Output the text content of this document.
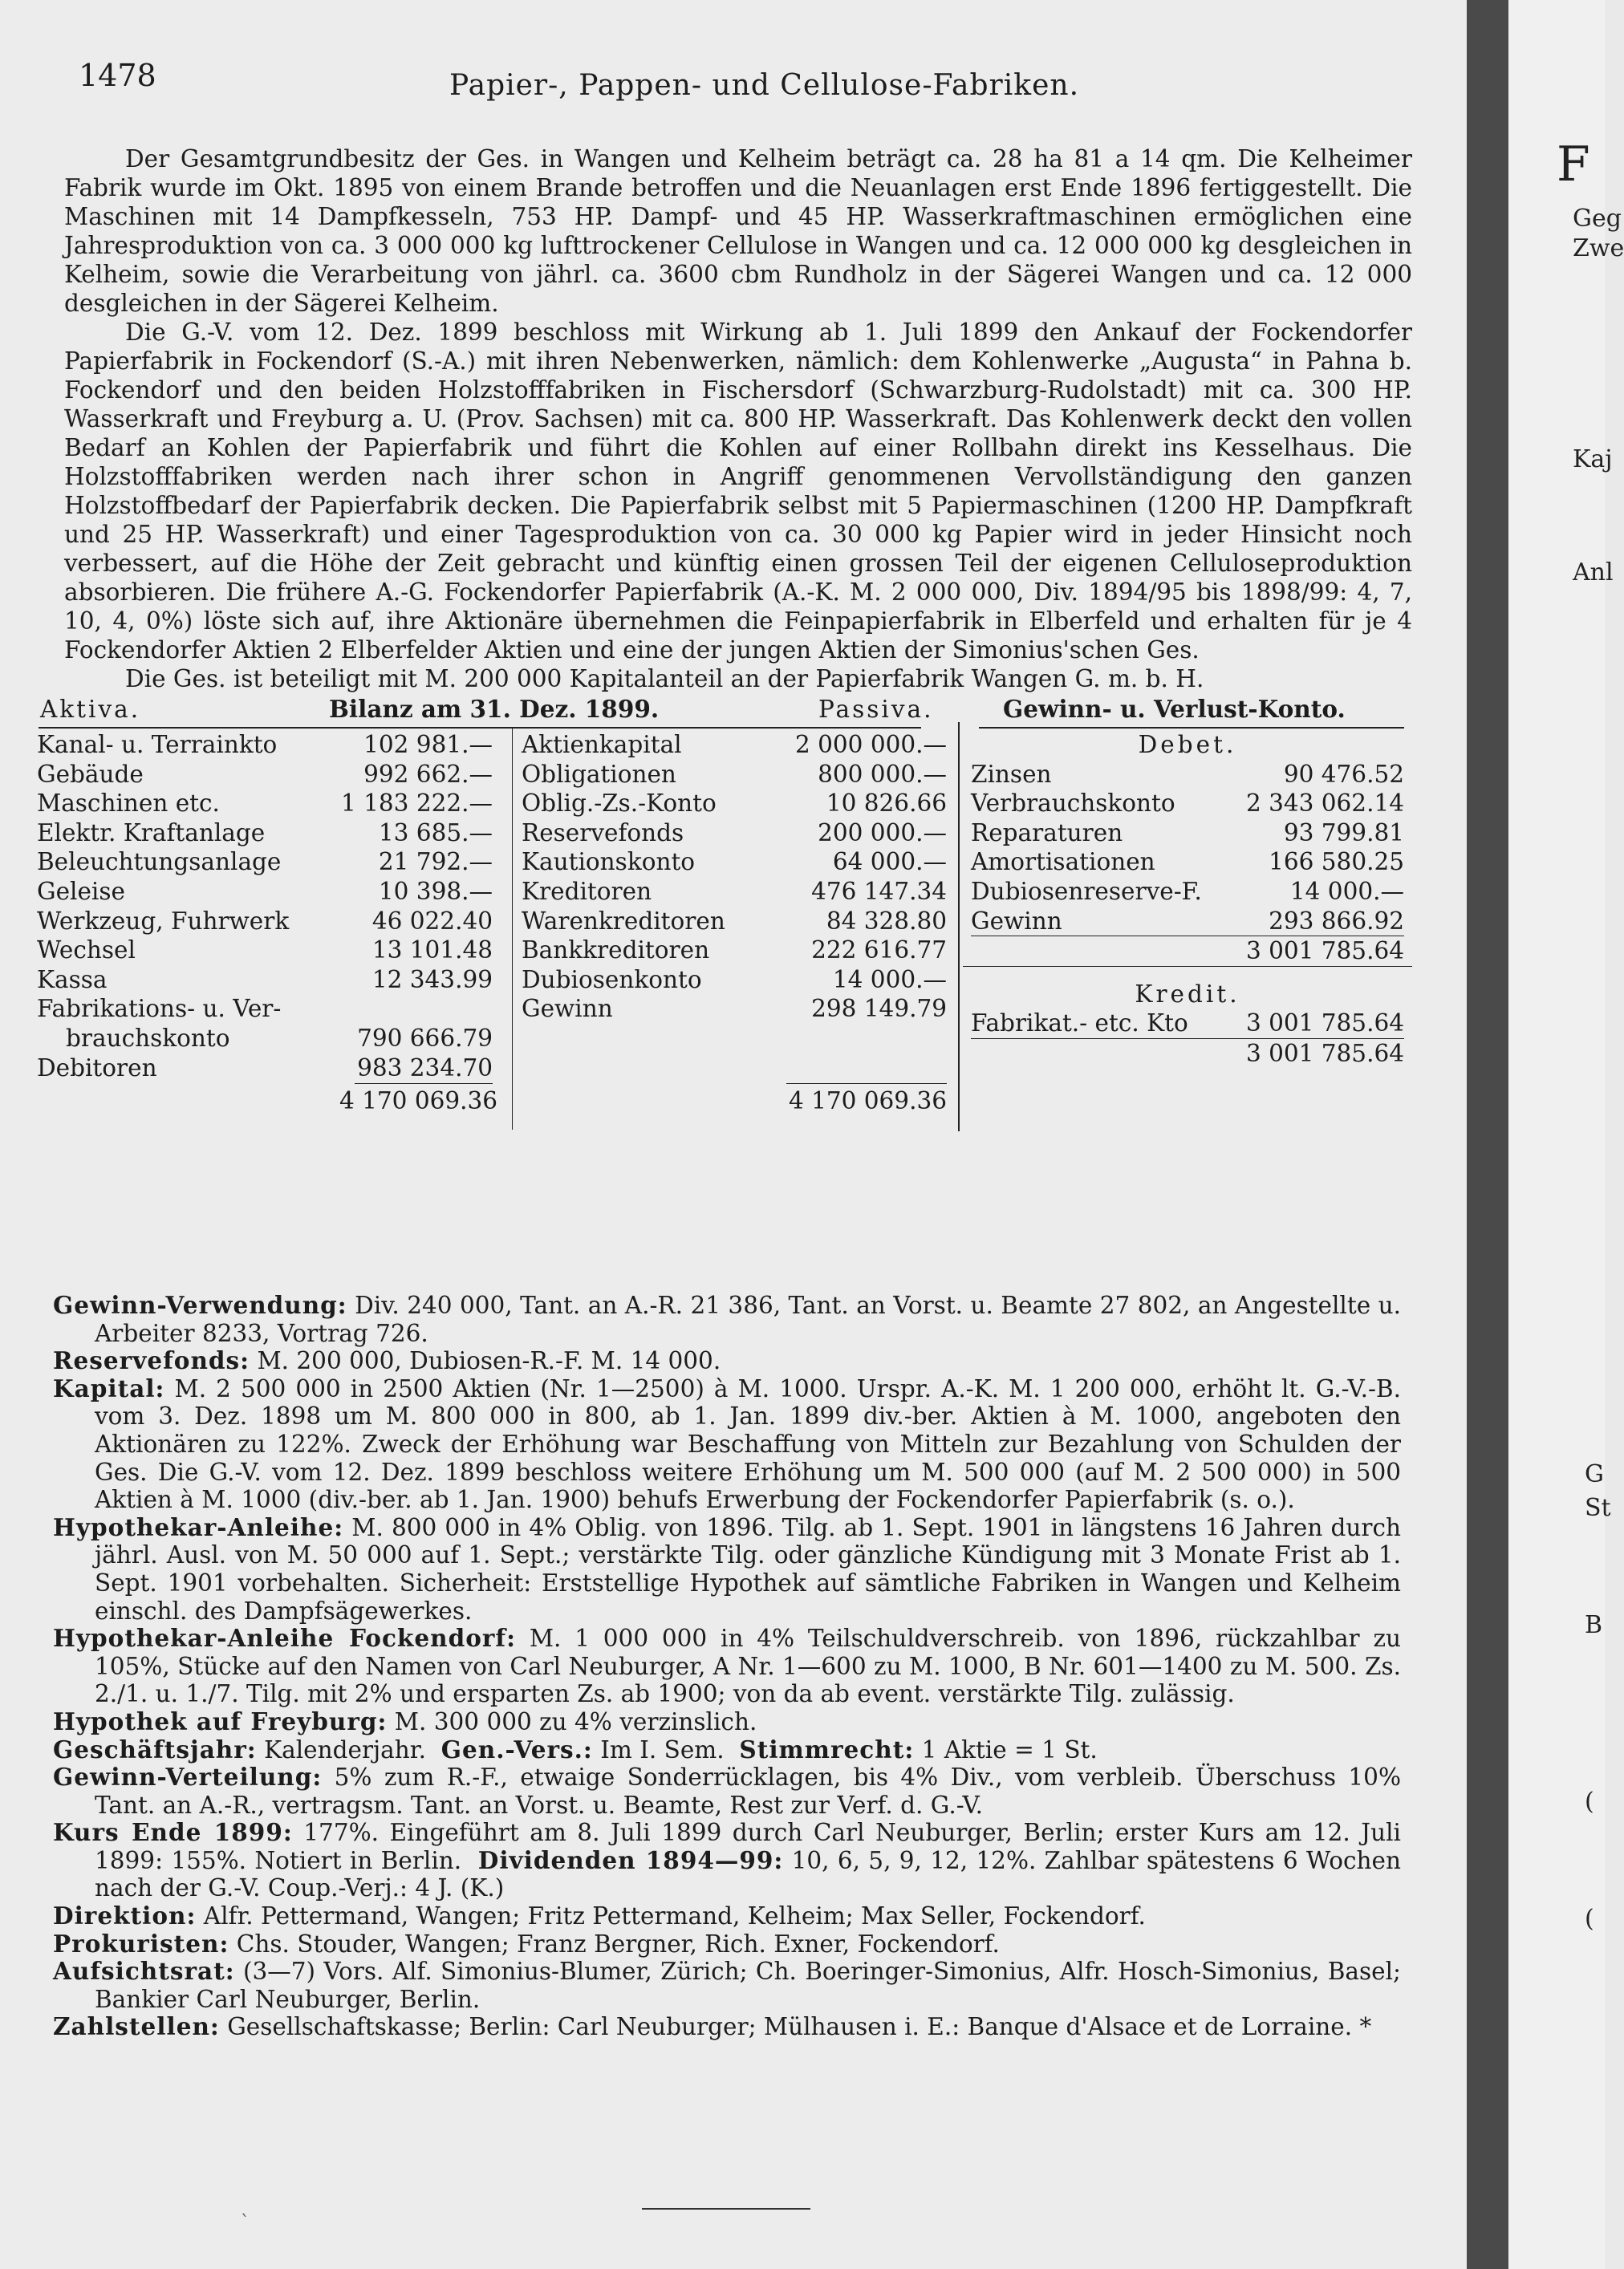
1478	Papier-, Pappen- und Cellulose-Fabriken.

Der Gesamtgrundbesitz der Ges. in Wangen und Kelheim beträgt ca. 28 ha 81 a 14 qm. Die Kelheimer Fabrik wurde im Okt. 1895 von einem Brande betroffen und die Neuanlagen erst Ende 1896 fertiggestellt. Die Maschinen mit 14 Dampfkesseln, 753 HP. Dampf- und 45 HP. Wasserkraftmaschinen ermöglichen eine Jahresproduktion von ca. 3 000 000 kg lufttrockener Cellulose in Wangen und ca. 12 000 000 kg desgleichen in Kelheim, sowie die Verarbeitung von jährl. ca. 3600 cbm Rundholz in der Sägerei Wangen und ca. 12 000 desgleichen in der Sägerei Kelheim.

Die G.-V. vom 12. Dez. 1899 beschloss mit Wirkung ab 1. Juli 1899 den Ankauf der Fockendorfer Papierfabrik in Fockendorf (S.-A.) mit ihren Nebenwerken, nämlich: dem Kohlenwerke „Augusta“ in Pahna b. Fockendorf und den beiden Holzstofffabriken in Fischersdorf (Schwarzburg-Rudolstadt) mit ca. 300 HP. Wasserkraft und Freyburg a. U. (Prov. Sachsen) mit ca. 800 HP. Wasserkraft. Das Kohlenwerk deckt den vollen Bedarf an Kohlen der Papierfabrik und führt die Kohlen auf einer Rollbahn direkt ins Kesselhaus. Die Holzstofffabriken werden nach ihrer schon in Angriff genommenen Vervollständigung den ganzen Holzstoffbedarf der Papierfabrik decken. Die Papierfabrik selbst mit 5 Papiermaschinen (1200 HP. Dampfkraft und 25 HP. Wasserkraft) und einer Tagesproduktion von ca. 30 000 kg Papier wird in jeder Hinsicht noch verbessert, auf die Höhe der Zeit gebracht und künftig einen grossen Teil der eigenen Celluloseproduktion absorbieren. Die frühere A.-G. Fockendorfer Papierfabrik (A.-K. M. 2 000 000, Div. 1894/95 bis 1898/99: 4, 7, 10, 4, 0%) löste sich auf, ihre Aktionäre übernehmen die Feinpapierfabrik in Elberfeld und erhalten für je 4 Fockendorfer Aktien 2 Elberfelder Aktien und eine der jungen Aktien der Simonius'schen Ges.

Die Ges. ist beteiligt mit M. 200 000 Kapitalanteil an der Papierfabrik Wangen G. m. b. H.

Aktiva.	Bilanz am 31. Dez. 1899.	Passiva.	Gewinn- u. Verlust-Konto.
Kanal- u. Terrainkto	102 981.—
Gebäude	992 662.—
Maschinen etc.	1 183 222.—
Elektr. Kraftanlage	13 685.—
Beleuchtungsanlage	21 792.—
Geleise	10 398.—
Werkzeug, Fuhrwerk	46 022.40
Wechsel	13 101.48
Kassa	12 343.99
Fabrikations- u. Ver-
brauchskonto	790 666.79
Debitoren	983 234.70
4 170 069.36
Aktienkapital	2 000 000.—
Obligationen	800 000.—
Oblig.-Zs.-Konto	10 826.66
Reservefonds	200 000.—
Kautionskonto	64 000.—
Kreditoren	476 147.34
Warenkreditoren	84 328.80
Bankkreditoren	222 616.77
Dubiosenkonto	14 000.—
Gewinn	298 149.79
4 170 069.36
Debet.
Zinsen	90 476.52
Verbrauchskonto	2 343 062.14
Reparaturen	93 799.81
Amortisationen	166 580.25
Dubiosenreserve-F.	14 000.—
Gewinn	293 866.92
3 001 785.64
Kredit.
Fabrikat.- etc. Kto 3 001 785.64
3 001 785.64

Gewinn-Verwendung: Div. 240 000, Tant. an A.-R. 21 386, Tant. an Vorst. u. Beamte 27 802, an Angestellte u. Arbeiter 8233, Vortrag 726.

Reservefonds: M. 200 000, Dubiosen-R.-F. M. 14 000.

Kapital: M. 2 500 000 in 2500 Aktien (Nr. 1—2500) à M. 1000. Urspr. A.-K. M. 1 200 000, erhöht lt. G.-V.-B. vom 3. Dez. 1898 um M. 800 000 in 800, ab 1. Jan. 1899 div.-ber. Aktien à M. 1000, angeboten den Aktionären zu 122%. Zweck der Erhöhung war Beschaffung von Mitteln zur Bezahlung von Schulden der Ges. Die G.-V. vom 12. Dez. 1899 beschloss weitere Erhöhung um M. 500 000 (auf M. 2 500 000) in 500 Aktien à M. 1000 (div.-ber. ab 1. Jan. 1900) behufs Erwerbung der Fockendorfer Papierfabrik (s. o.).

Hypothekar-Anleihe: M. 800 000 in 4% Oblig. von 1896. Tilg. ab 1. Sept. 1901 in längstens 16 Jahren durch jährl. Ausl. von M. 50 000 auf 1. Sept.; verstärkte Tilg. oder gänzliche Kündigung mit 3 Monate Frist ab 1. Sept. 1901 vorbehalten. Sicherheit: Erststellige Hypothek auf sämtliche Fabriken in Wangen und Kelheim einschl. des Dampfsägewerkes.

Hypothekar-Anleihe Fockendorf: M. 1 000 000 in 4% Teilschuldverschreib. von 1896, rückzahlbar zu 105%, Stücke auf den Namen von Carl Neuburger, A Nr. 1—600 zu M. 1000, B Nr. 601—1400 zu M. 500. Zs. 2./1. u. 1./7. Tilg. mit 2% und ersparten Zs. ab 1900; von da ab event. verstärkte Tilg. zulässig.

Hypothek auf Freyburg: M. 300 000 zu 4% verzinslich.

Geschäftsjahr: Kalenderjahr. Gen.-Vers.: Im I. Sem. Stimmrecht: 1 Aktie = 1 St.

Gewinn-Verteilung: 5% zum R.-F., etwaige Sonderrücklagen, bis 4% Div., vom verbleib. Überschuss 10% Tant. an A.-R., vertragsm. Tant. an Vorst. u. Beamte, Rest zur Verf. d. G.-V.

Kurs Ende 1899: 177%. Eingeführt am 8. Juli 1899 durch Carl Neuburger, Berlin; erster Kurs am 12. Juli 1899: 155%. Notiert in Berlin. Dividenden 1894—99: 10, 6, 5, 9, 12, 12%. Zahlbar spätestens 6 Wochen nach der G.-V. Coup.-Verj.: 4 J. (K.)

Direktion: Alfr. Pettermand, Wangen; Fritz Pettermand, Kelheim; Max Seller, Fockendorf.

Prokuristen: Chs. Stouder, Wangen; Franz Bergner, Rich. Exner, Fockendorf.

Aufsichtsrat: (3—7) Vors. Alf. Simonius-Blumer, Zürich; Ch. Boeringer-Simonius, Alfr. Hosch-Simonius, Basel; Bankier Carl Neuburger, Berlin.

Zahlstellen: Gesellschaftskasse; Berlin: Carl Neuburger; Mülhausen i. E.: Banque d'Alsace et de Lorraine. *

ˋ
F
Geg
Zwe
Kaj
Anl
G
St
B
(
(
